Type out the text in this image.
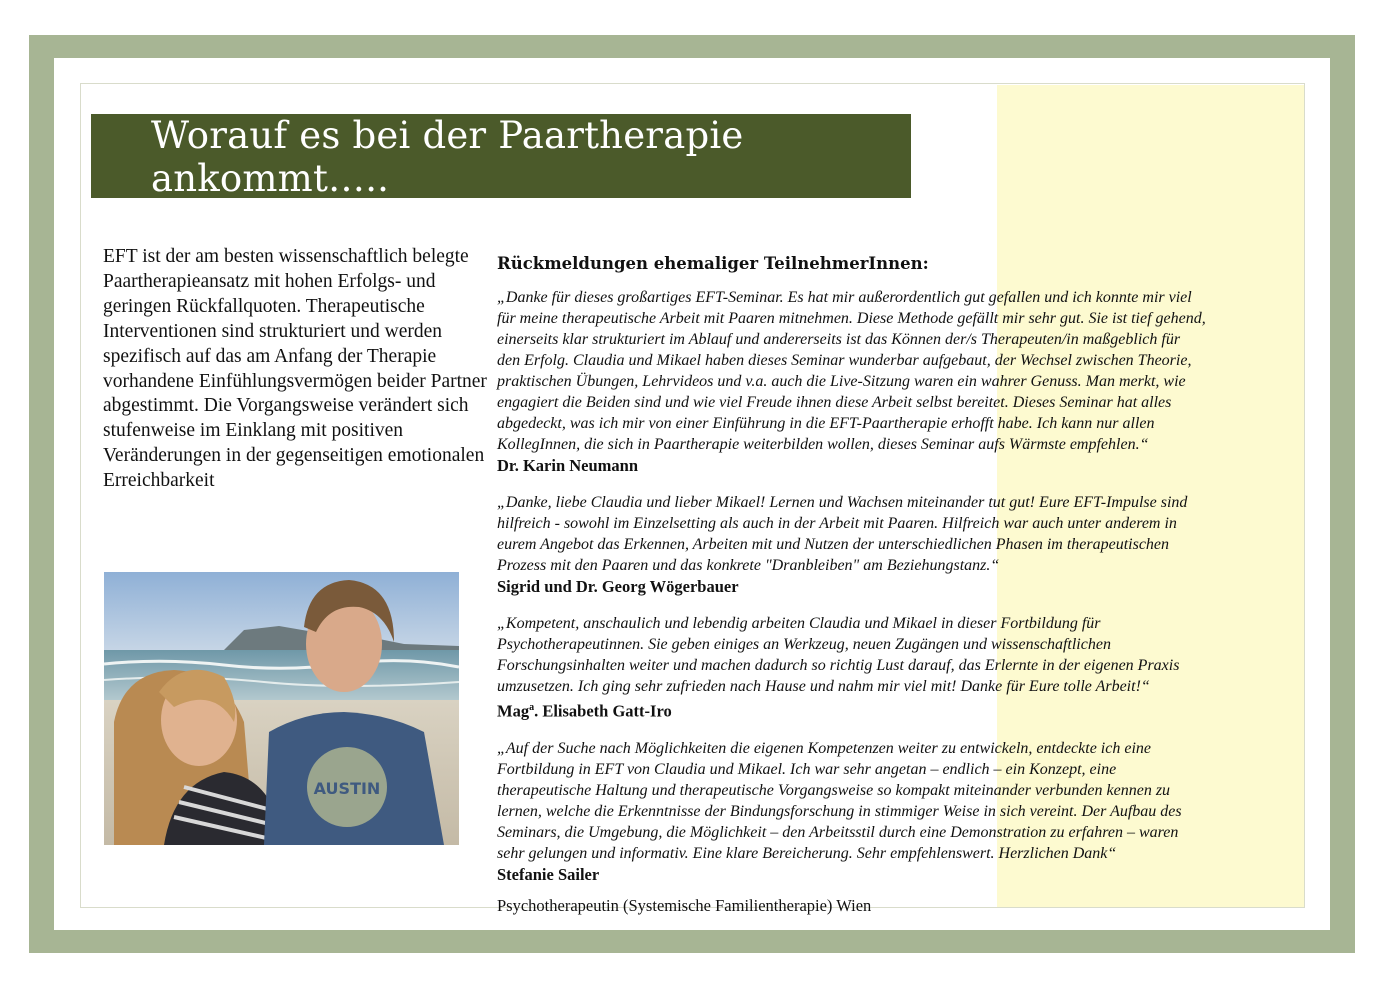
Worauf es bei der Paartherapie ankommt…..

EFT ist der am besten wissenschaftlich belegte Paartherapieansatz mit hohen Erfolgs- und geringen Rückfallquoten. Therapeutische Interventionen sind strukturiert und werden spezifisch auf das am Anfang der Therapie vorhandene Einfühlungsvermögen beider Partner abgestimmt. Die Vorgangsweise verändert sich stufenweise im Einklang mit positiven Veränderungen in der gegenseitigen emotionalen Erreichbarkeit

AUSTIN
Rückmeldungen ehemaliger TeilnehmerInnen:

„Danke für dieses großartiges EFT-Seminar. Es hat mir außerordentlich gut gefallen und ich konnte mir viel

für meine therapeutische Arbeit mit Paaren mitnehmen. Diese Methode gefällt mir sehr gut. Sie ist tief gehend,

einerseits klar strukturiert im Ablauf und andererseits ist das Können der/s Therapeuten/in maßgeblich für

den Erfolg. Claudia und Mikael haben dieses Seminar wunderbar aufgebaut, der Wechsel zwischen Theorie,

praktischen Übungen, Lehrvideos und v.a. auch die Live-Sitzung waren ein wahrer Genuss. Man merkt, wie

engagiert die Beiden sind und wie viel Freude ihnen diese Arbeit selbst bereitet. Dieses Seminar hat alles

abgedeckt, was ich mir von einer Einführung in die EFT-Paartherapie erhofft habe. Ich kann nur allen

KollegInnen, die sich in Paartherapie weiterbilden wollen, dieses Seminar aufs Wärmste empfehlen.“

Dr. Karin Neumann

„Danke, liebe Claudia und lieber Mikael! Lernen und Wachsen miteinander tut gut! Eure EFT-Impulse sind

hilfreich - sowohl im Einzelsetting als auch in der Arbeit mit Paaren. Hilfreich war auch unter anderem in

eurem Angebot das Erkennen, Arbeiten mit und Nutzen der unterschiedlichen Phasen im therapeutischen

Prozess mit den Paaren und das konkrete "Dranbleiben" am Beziehungstanz.“

Sigrid und Dr. Georg Wögerbauer

„Kompetent, anschaulich und lebendig arbeiten Claudia und Mikael in dieser Fortbildung für

Psychotherapeutinnen. Sie geben einiges an Werkzeug, neuen Zugängen und wissenschaftlichen

Forschungsinhalten weiter und machen dadurch so richtig Lust darauf, das Erlernte in der eigenen Praxis

umzusetzen. Ich ging sehr zufrieden nach Hause und nahm mir viel mit! Danke für Eure tolle Arbeit!“

Mag$^a$. Elisabeth Gatt-Iro

„Auf der Suche nach Möglichkeiten die eigenen Kompetenzen weiter zu entwickeln, entdeckte ich eine

Fortbildung in EFT von Claudia und Mikael. Ich war sehr angetan – endlich – ein Konzept, eine

therapeutische Haltung und therapeutische Vorgangsweise so kompakt miteinander verbunden kennen zu

lernen, welche die Erkenntnisse der Bindungsforschung in stimmiger Weise in sich vereint. Der Aufbau des

Seminars, die Umgebung, die Möglichkeit – den Arbeitsstil durch eine Demonstration zu erfahren – waren

sehr gelungen und informativ. Eine klare Bereicherung. Sehr empfehlenswert. Herzlichen Dank“

Stefanie Sailer

Psychotherapeutin (Systemische Familientherapie) Wien
